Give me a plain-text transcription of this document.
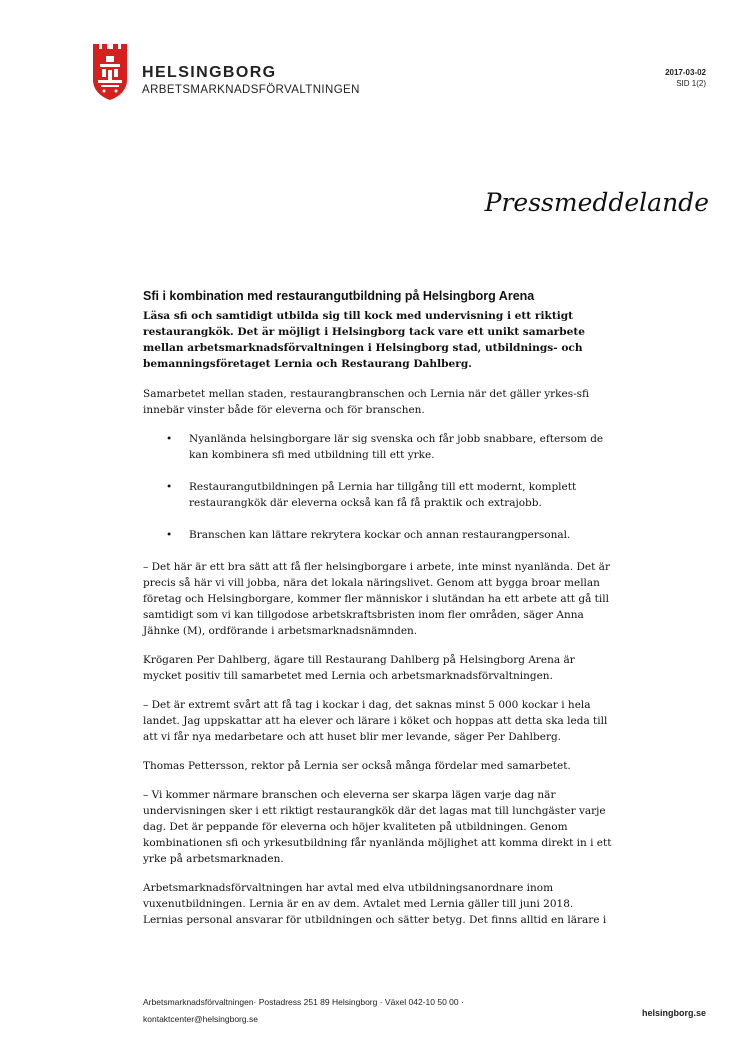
HELSINGBORG
ARBETSMARKNADSFÖRVALTNINGEN
2017-03-02
SID 1(2)
Pressmeddelande
Sfi i kombination med restaurangutbildning på Helsingborg Arena

Läsa sfi och samtidigt utbilda sig till kock med undervisning i ett riktigt restaurangkök. Det är möjligt i Helsingborg tack vare ett unikt samarbete mellan arbetsmarknadsförvaltningen i Helsingborg stad, utbildnings- och bemanningsföretaget Lernia och Restaurang Dahlberg.

Samarbetet mellan staden, restaurangbranschen och Lernia när det gäller yrkes-sfi innebär vinster både för eleverna och för branschen.

• Nyanlända helsingborgare lär sig svenska och får jobb snabbare, eftersom de kan kombinera sfi med utbildning till ett yrke.
• Restaurangutbildningen på Lernia har tillgång till ett modernt, komplett restaurangkök där eleverna också kan få få praktik och extrajobb.
• Branschen kan lättare rekrytera kockar och annan restaurangpersonal.

– Det här är ett bra sätt att få fler helsingborgare i arbete, inte minst nyanlända. Det är precis så här vi vill jobba, nära det lokala näringslivet. Genom att bygga broar mellan företag och Helsingborgare, kommer fler människor i slutändan ha ett arbete att gå till samtidigt som vi kan tillgodose arbetskraftsbristen inom fler områden, säger Anna Jähnke (M), ordförande i arbetsmarknadsnämnden.

Krögaren Per Dahlberg, ägare till Restaurang Dahlberg på Helsingborg Arena är mycket positiv till samarbetet med Lernia och arbetsmarknadsförvaltningen.

– Det är extremt svårt att få tag i kockar i dag, det saknas minst 5 000 kockar i hela landet. Jag uppskattar att ha elever och lärare i köket och hoppas att detta ska leda till att vi får nya medarbetare och att huset blir mer levande, säger Per Dahlberg.

Thomas Pettersson, rektor på Lernia ser också många fördelar med samarbetet.

– Vi kommer närmare branschen och eleverna ser skarpa lägen varje dag när undervisningen sker i ett riktigt restaurangkök där det lagas mat till lunchgäster varje dag. Det är peppande för eleverna och höjer kvaliteten på utbildningen. Genom kombinationen sfi och yrkesutbildning får nyanlända möjlighet att komma direkt in i ett yrke på arbetsmarknaden.

Arbetsmarknadsförvaltningen har avtal med elva utbildningsanordnare inom vuxenutbildningen. Lernia är en av dem. Avtalet med Lernia gäller till juni 2018. Lernias personal ansvarar för utbildningen och sätter betyg. Det finns alltid en lärare i

Arbetsmarknadsförvaltningen· Postadress 251 89 Helsingborg · Växel 042-10 50 00 ·
kontaktcenter@helsingborg.se
helsingborg.se
